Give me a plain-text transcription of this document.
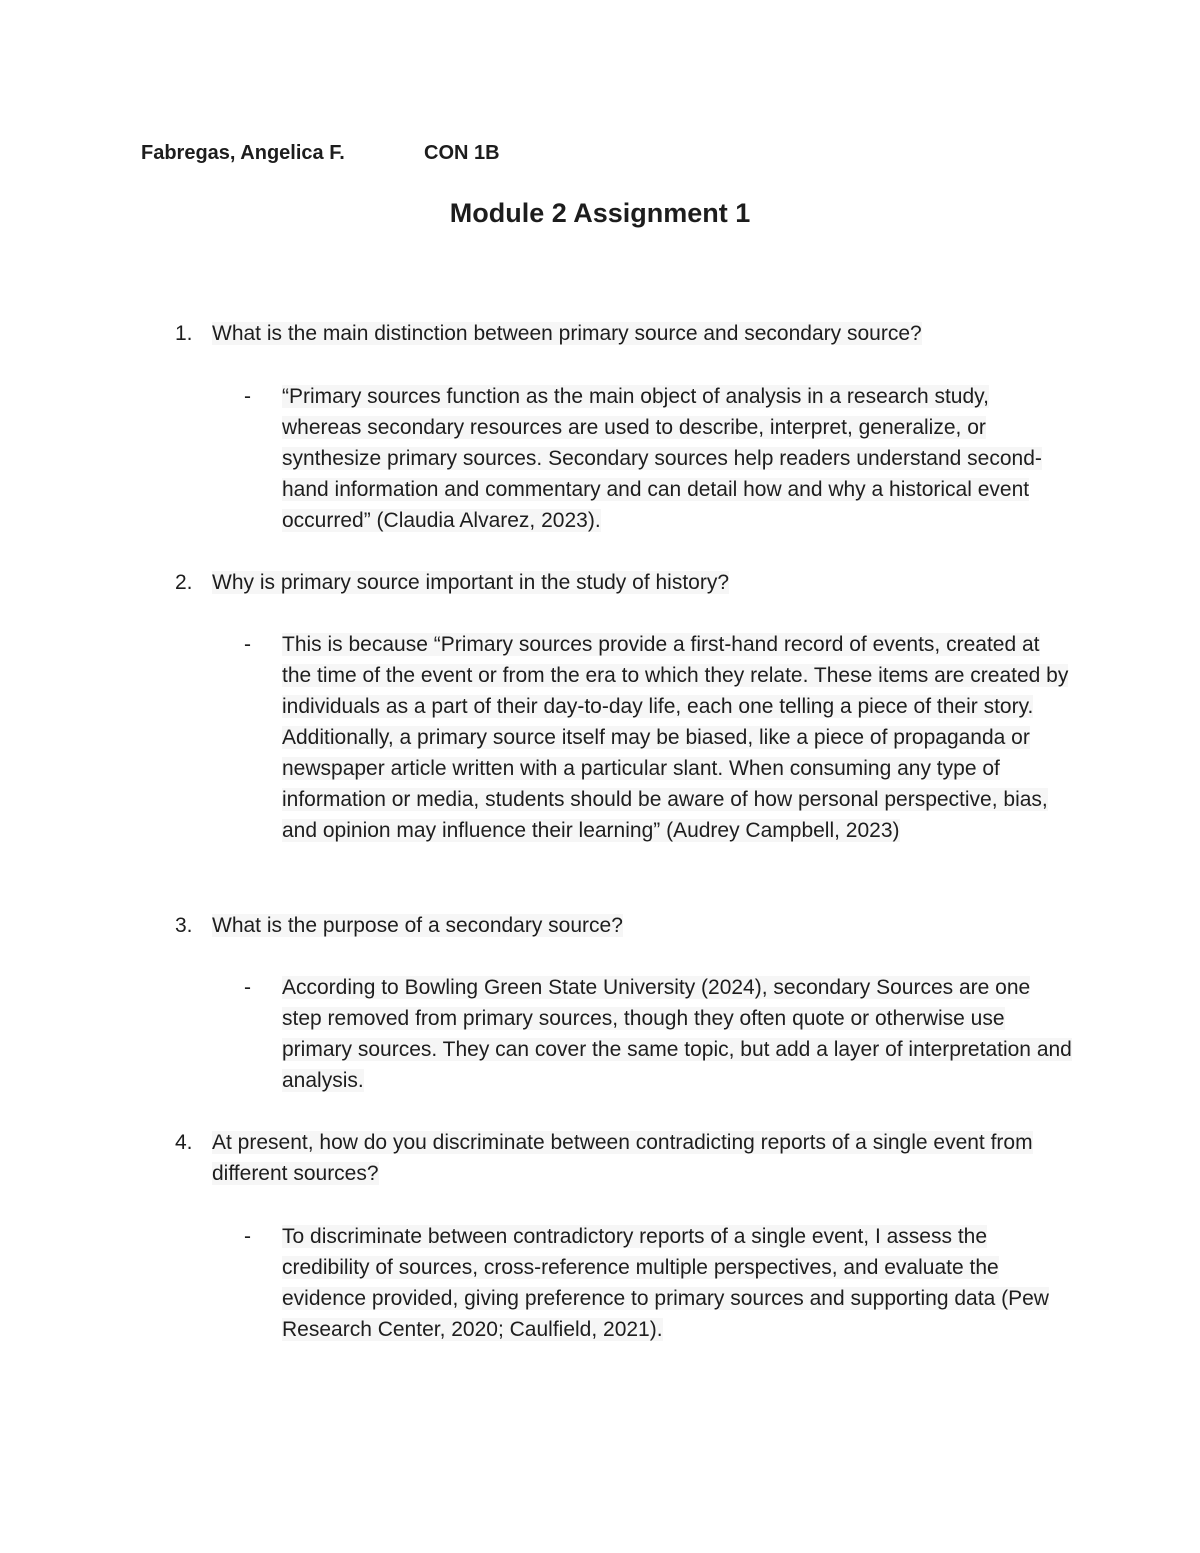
Fabregas, Angelica F.	CON 1B
Module 2 Assignment 1
1. What is the main distinction between primary source and secondary source?
- “Primary sources function as the main object of analysis in a research study, whereas secondary resources are used to describe, interpret, generalize, or synthesize primary sources. Secondary sources help readers understand second-hand information and commentary and can detail how and why a historical event occurred” (Claudia Alvarez, 2023).
2. Why is primary source important in the study of history?
- This is because “Primary sources provide a first-hand record of events, created at the time of the event or from the era to which they relate. These items are created by individuals as a part of their day-to-day life, each one telling a piece of their story. Additionally, a primary source itself may be biased, like a piece of propaganda or newspaper article written with a particular slant. When consuming any type of information or media, students should be aware of how personal perspective, bias, and opinion may influence their learning” (Audrey Campbell, 2023)
3. What is the purpose of a secondary source?
- According to Bowling Green State University (2024), secondary Sources are one step removed from primary sources, though they often quote or otherwise use primary sources. They can cover the same topic, but add a layer of interpretation and analysis.
4. At present, how do you discriminate between contradicting reports of a single event from different sources?
- To discriminate between contradictory reports of a single event, I assess the credibility of sources, cross-reference multiple perspectives, and evaluate the evidence provided, giving preference to primary sources and supporting data (Pew Research Center, 2020; Caulfield, 2021).
